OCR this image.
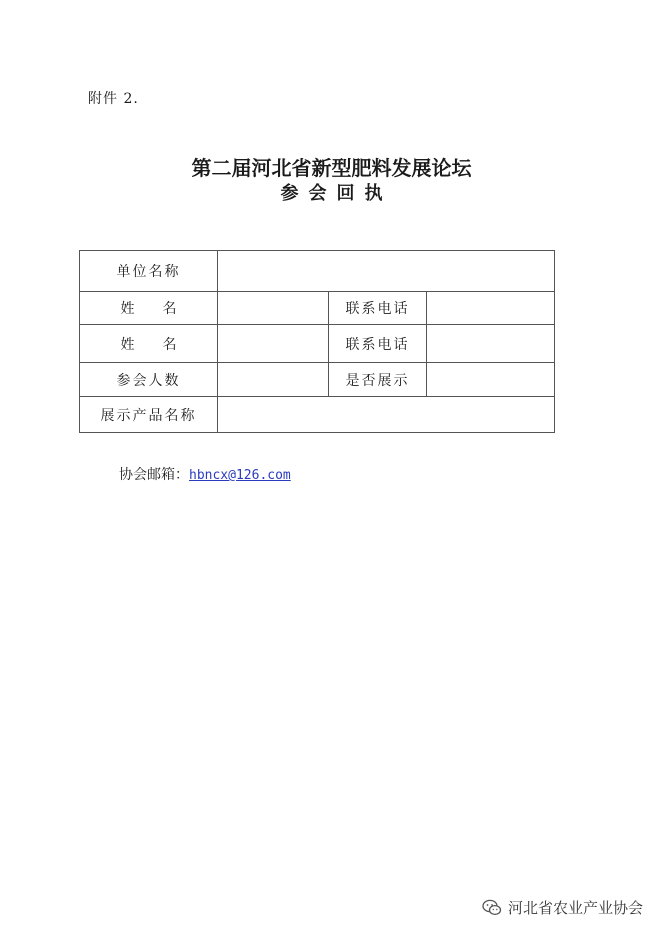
附件 2.
第二届河北省新型肥料发展论坛
参会回执
单位名称			
姓 名		联系电话	
姓 名		联系电话	
参会人数		是否展示	
展示产品名称			
协会邮箱：hbncx@126.com
河北省农业产业协会
